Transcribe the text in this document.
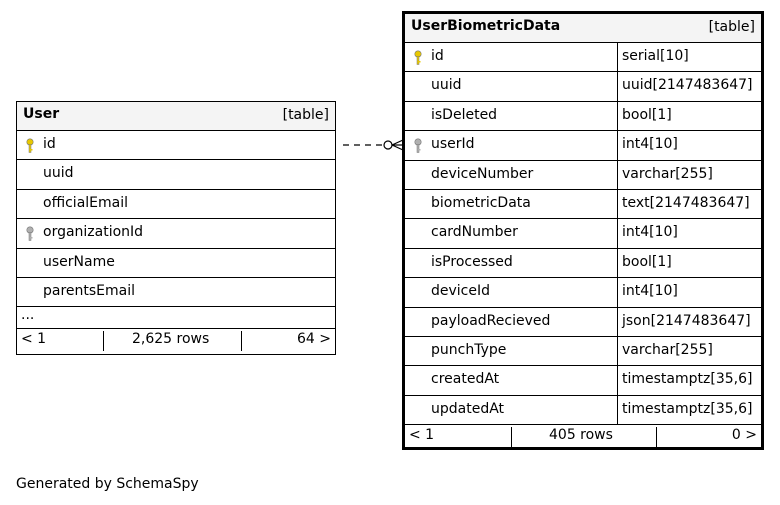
User	[table]
id
uuid
officialEmail
organizationId
userName
parentsEmail
...
< 1	2,625 rows	64 >
UserBiometricData	[table]
id	serial[10]
uuid	uuid[2147483647]
isDeleted	bool[1]
userId	int4[10]
deviceNumber	varchar[255]
biometricData	text[2147483647]
cardNumber	int4[10]
isProcessed	bool[1]
deviceId	int4[10]
payloadRecieved	json[2147483647]
punchType	varchar[255]
createdAt	timestamptz[35,6]
updatedAt	timestamptz[35,6]
< 1	405 rows	0 >
Generated by SchemaSpy
